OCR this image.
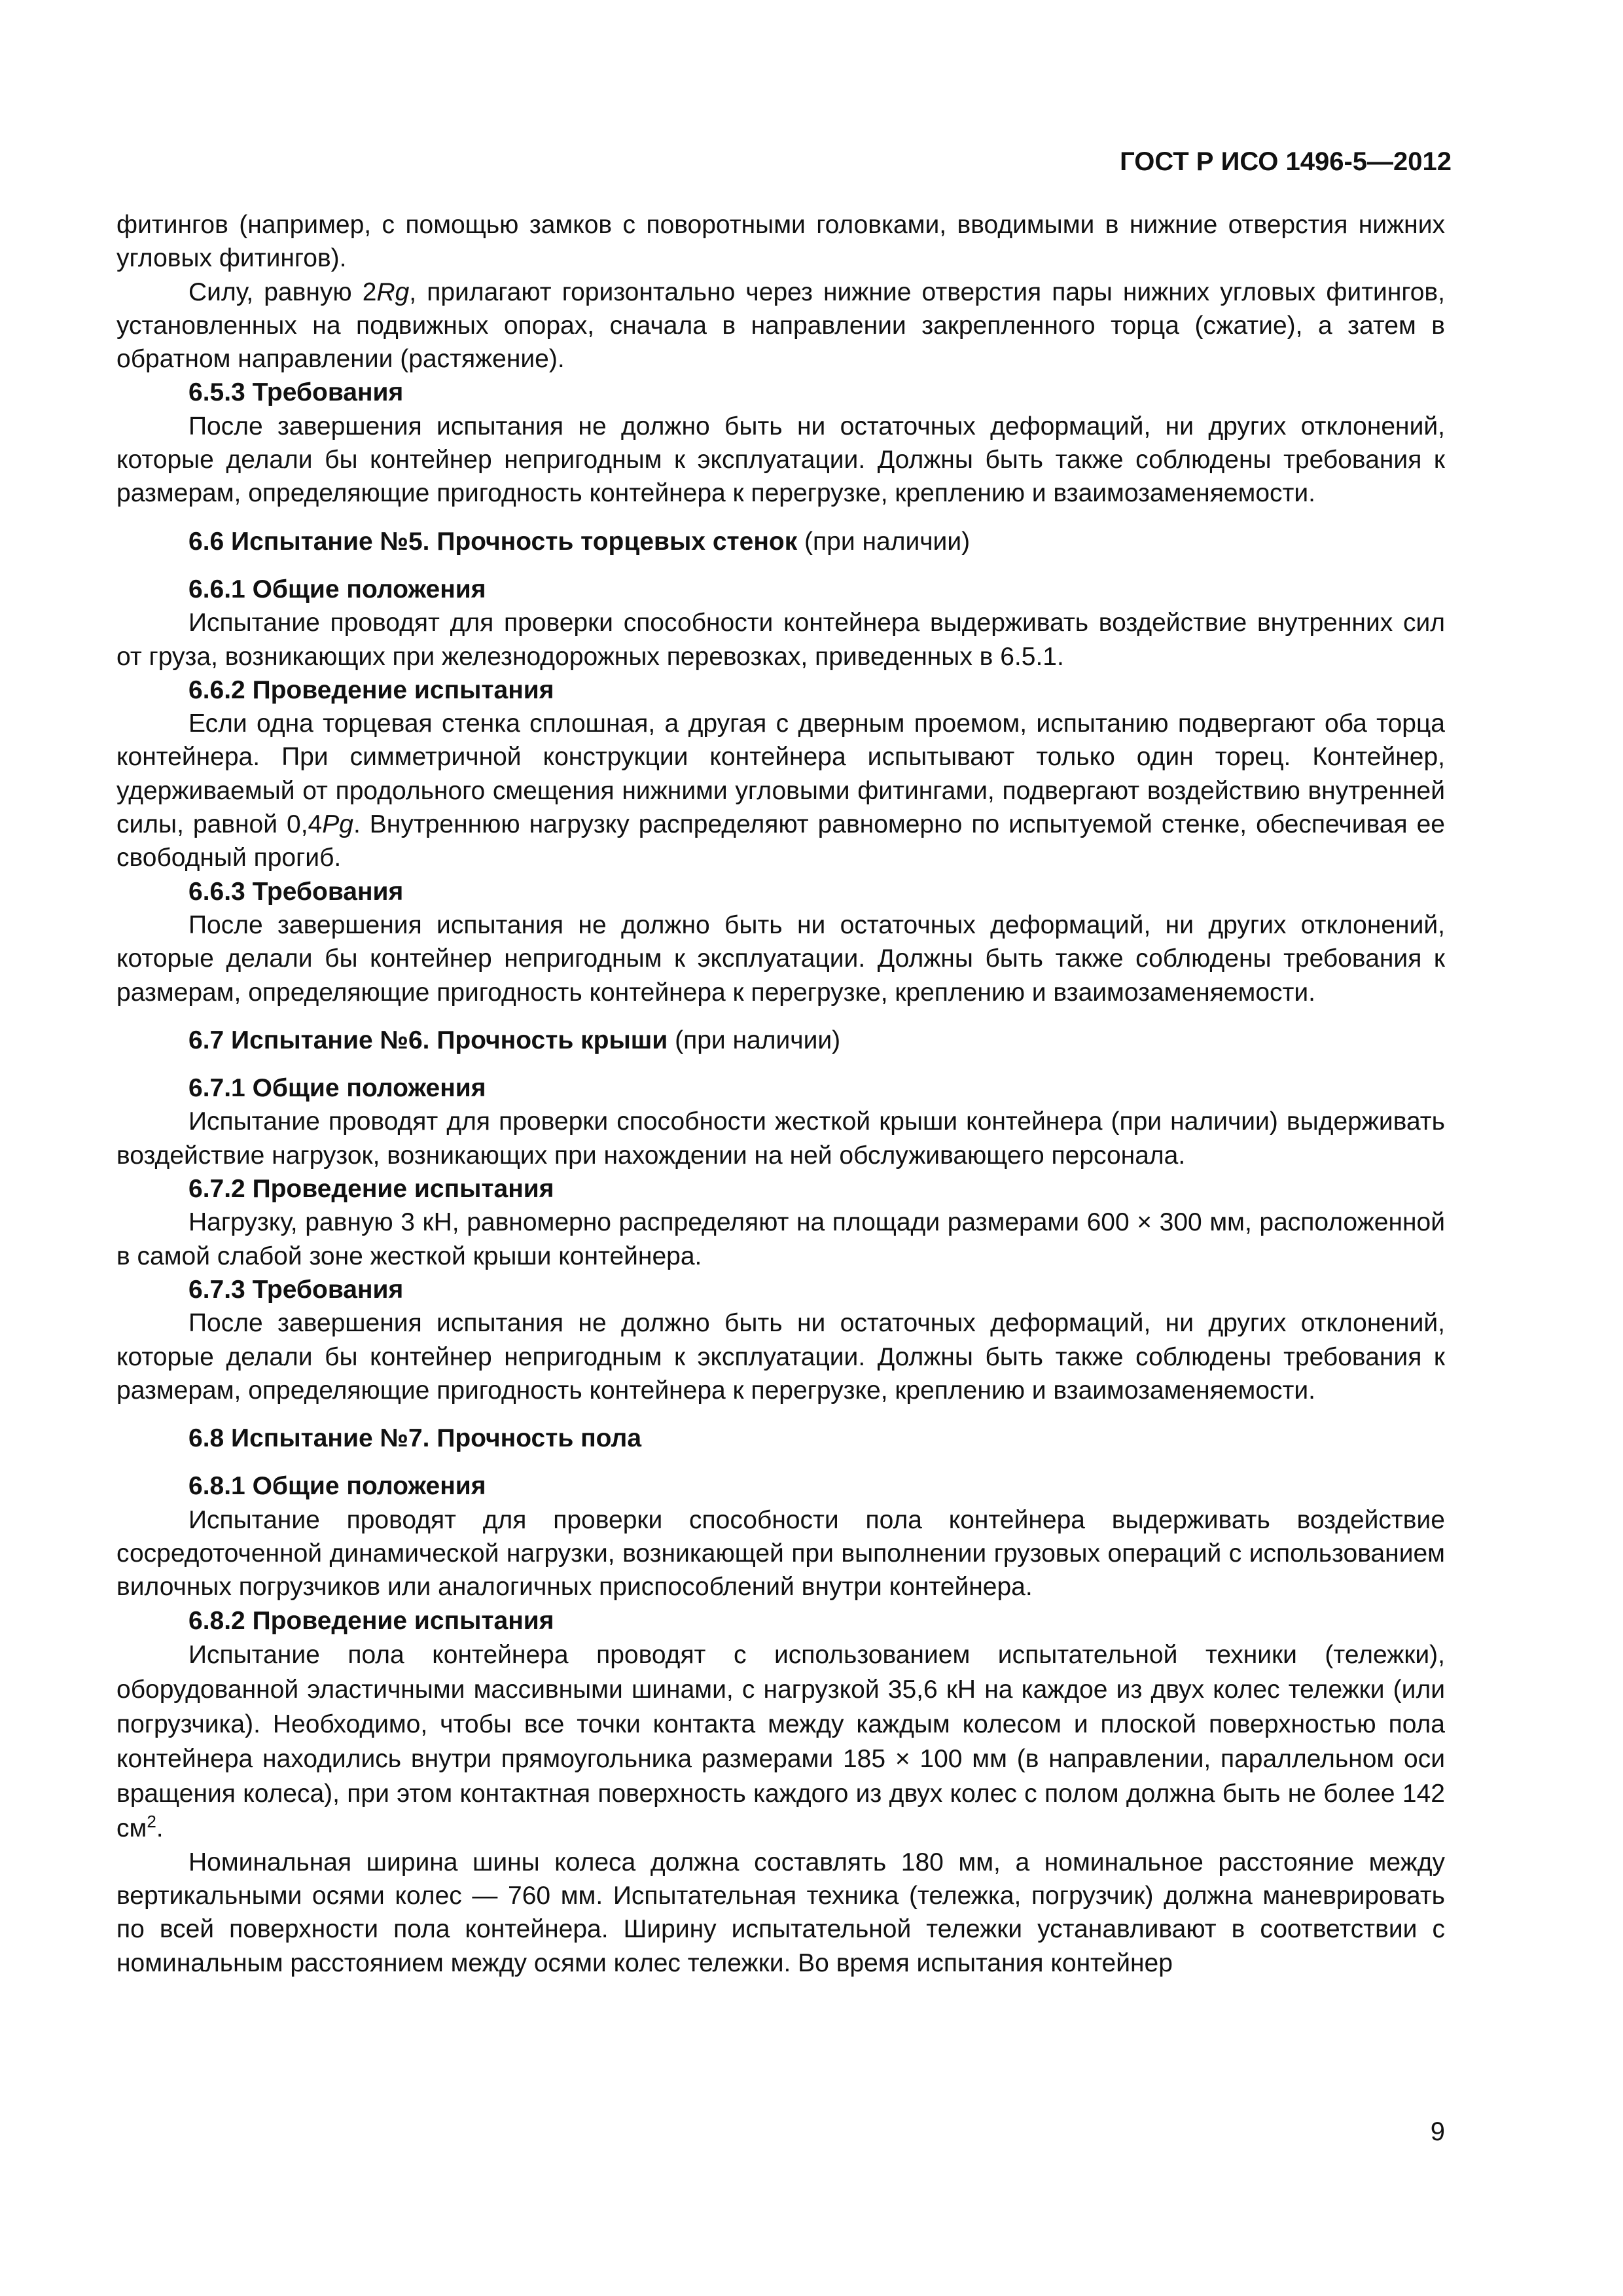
ГОСТ Р ИСО 1496-5—2012

фитингов (например, с помощью замков с поворотными головками, вводимыми в нижние отверстия нижних угловых фитингов).

Силу, равную 2Rg, прилагают горизонтально через нижние отверстия пары нижних угловых фитингов, установленных на подвижных опорах, сначала в направлении закрепленного торца (сжатие), а затем в обратном направлении (растяжение).

6.5.3 Требования

После завершения испытания не должно быть ни остаточных деформаций, ни других отклонений, которые делали бы контейнер непригодным к эксплуатации. Должны быть также соблюдены требования к размерам, определяющие пригодность контейнера к перегрузке, креплению и взаимозаменяемости.

6.6 Испытание №5. Прочность торцевых стенок (при наличии)
6.6.1 Общие положения

Испытание проводят для проверки способности контейнера выдерживать воздействие внутренних сил от груза, возникающих при железнодорожных перевозках, приведенных в 6.5.1.

6.6.2 Проведение испытания

Если одна торцевая стенка сплошная, а другая с дверным проемом, испытанию подвергают оба торца контейнера. При симметричной конструкции контейнера испытывают только один торец. Контейнер, удерживаемый от продольного смещения нижними угловыми фитингами, подвергают воздействию внутренней силы, равной 0,4Pg. Внутреннюю нагрузку распределяют равномерно по испытуемой стенке, обеспечивая ее свободный прогиб.

6.6.3 Требования

После завершения испытания не должно быть ни остаточных деформаций, ни других отклонений, которые делали бы контейнер непригодным к эксплуатации. Должны быть также соблюдены требования к размерам, определяющие пригодность контейнера к перегрузке, креплению и взаимозаменяемости.

6.7 Испытание №6. Прочность крыши (при наличии)
6.7.1 Общие положения

Испытание проводят для проверки способности жесткой крыши контейнера (при наличии) выдерживать воздействие нагрузок, возникающих при нахождении на ней обслуживающего персонала.

6.7.2 Проведение испытания

Нагрузку, равную 3 кН, равномерно распределяют на площади размерами 600 × 300 мм, расположенной в самой слабой зоне жесткой крыши контейнера.

6.7.3 Требования

После завершения испытания не должно быть ни остаточных деформаций, ни других отклонений, которые делали бы контейнер непригодным к эксплуатации. Должны быть также соблюдены требования к размерам, определяющие пригодность контейнера к перегрузке, креплению и взаимозаменяемости.

6.8 Испытание №7. Прочность пола
6.8.1 Общие положения

Испытание проводят для проверки способности пола контейнера выдерживать воздействие сосредоточенной динамической нагрузки, возникающей при выполнении грузовых операций с использованием вилочных погрузчиков или аналогичных приспособлений внутри контейнера.

6.8.2 Проведение испытания

Испытание пола контейнера проводят с использованием испытательной техники (тележки), оборудованной эластичными массивными шинами, с нагрузкой 35,6 кН на каждое из двух колес тележки (или погрузчика). Необходимо, чтобы все точки контакта между каждым колесом и плоской поверхностью пола контейнера находились внутри прямоугольника размерами 185 × 100 мм (в направлении, параллельном оси вращения колеса), при этом контактная поверхность каждого из двух колес с полом должна быть не более 142 $см^2$.

Номинальная ширина шины колеса должна составлять 180 мм, а номинальное расстояние между вертикальными осями колес — 760 мм. Испытательная техника (тележка, погрузчик) должна маневрировать по всей поверхности пола контейнера. Ширину испытательной тележки устанавливают в соответствии с номинальным расстоянием между осями колес тележки. Во время испытания контейнер

9
